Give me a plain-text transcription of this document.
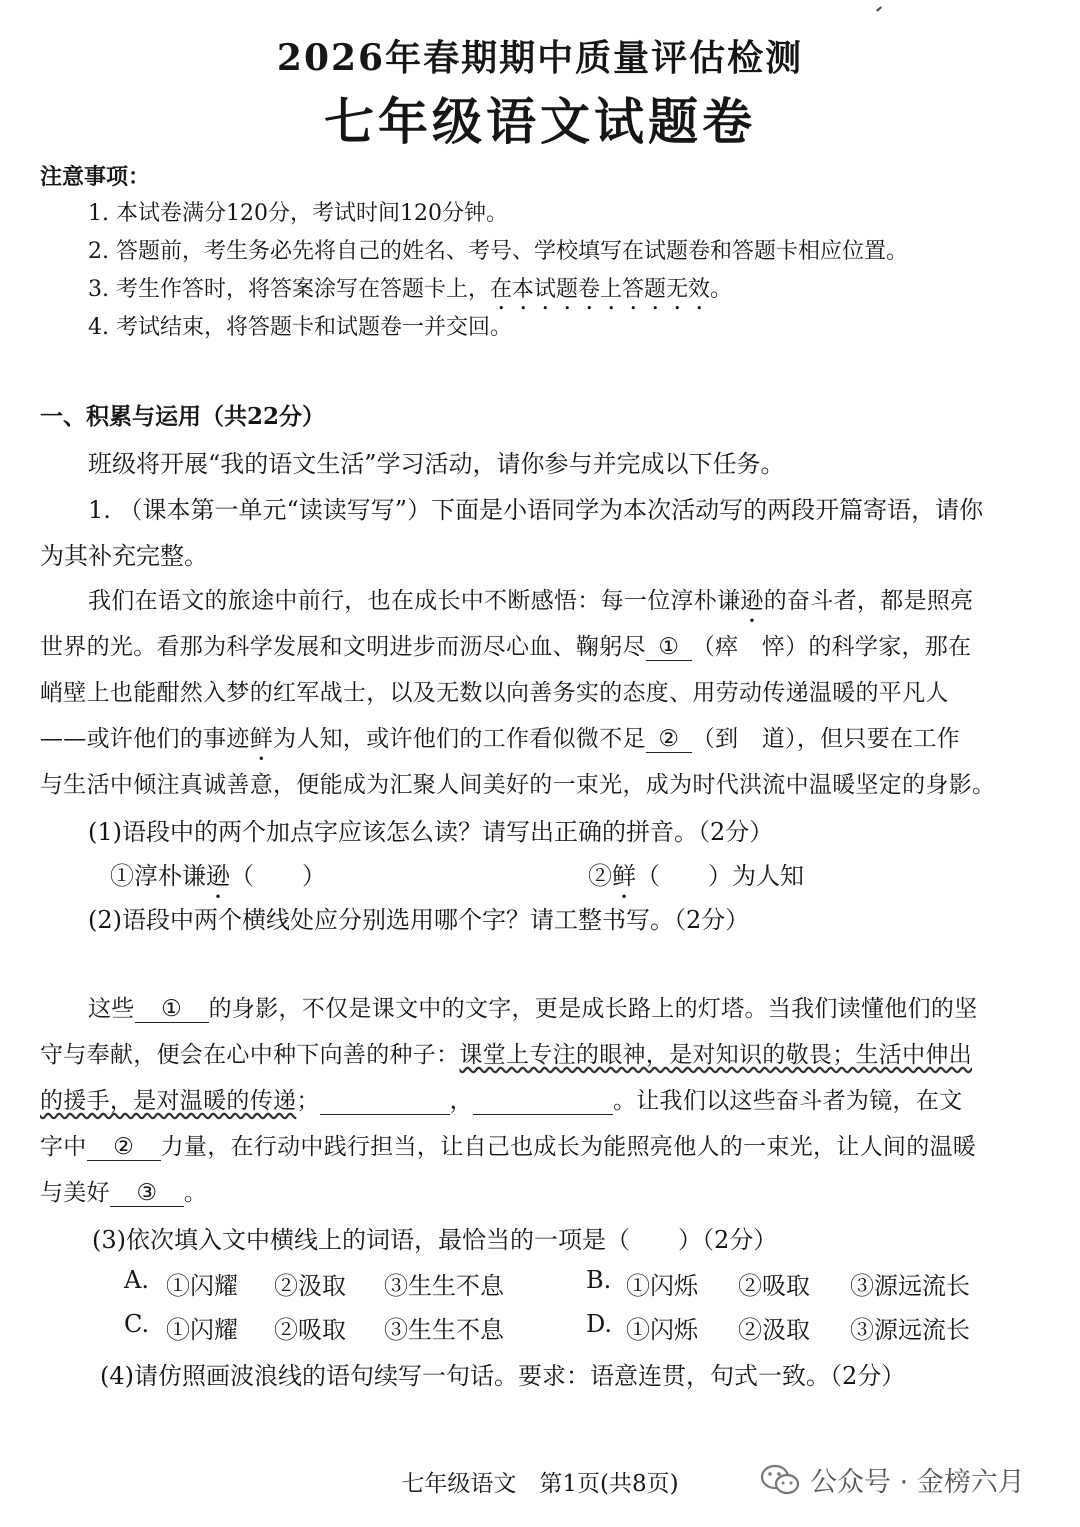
2026年春期期中质量评估检测
七年级语文试题卷
注意事项：
1. 本试卷满分120分，考试时间120分钟。
2. 答题前，考生务必先将自己的姓名、考号、学校填写在试题卷和答题卡相应位置。
3. 考生作答时，将答案涂写在答题卡上，在本试题卷上答题无效。
4. 考试结束，将答题卡和试题卷一并交回。
一、积累与运用（共22分）
班级将开展“我的语文生活”学习活动，请你参与并完成以下任务。
1. （课本第一单元“读读写写”）下面是小语同学为本次活动写的两段开篇寄语，请你
为其补充完整。
我们在语文的旅途中前行，也在成长中不断感悟：每一位淳朴谦逊的奋斗者，都是照亮
世界的光。看那为科学发展和文明进步而沥尽心血、鞠躬尽 ① （瘁　悴）的科学家，那在
峭壁上也能酣然入梦的红军战士，以及无数以向善务实的态度、用劳动传递温暖的平凡人
——或许他们的事迹鲜为人知，或许他们的工作看似微不足 ② （到　道），但只要在工作
与生活中倾注真诚善意，便能成为汇聚人间美好的一束光，成为时代洪流中温暖坚定的身影。
(1)语段中的两个加点字应该怎么读？请写出正确的拼音。（2分）
①淳朴谦逊（　　）	②鲜（　　）为人知
(2)语段中两个横线处应分别选用哪个字？请工整书写。（2分）
这些 ① 的身影，不仅是课文中的文字，更是成长路上的灯塔。当我们读懂他们的坚
守与奉献，便会在心中种下向善的种子：课堂上专注的眼神，是对知识的敬畏；生活中伸出
的援手，是对温暖的传递；	，	。让我们以这些奋斗者为镜，在文
字中 ② 力量，在行动中践行担当，让自己也成长为能照亮他人的一束光，让人间的温暖
与美好 ③ 。
(3)依次填入文中横线上的词语，最恰当的一项是（　　）（2分）
A. ①闪耀 ②汲取 ③生生不息	B. ①闪烁 ②吸取 ③源远流长
C. ①闪耀 ②吸取 ③生生不息	D. ①闪烁 ②汲取 ③源远流长
(4)请仿照画波浪线的语句续写一句话。要求：语意连贯，句式一致。（2分）
七年级语文　第1页(共8页)	公众号 · 金榜六月
